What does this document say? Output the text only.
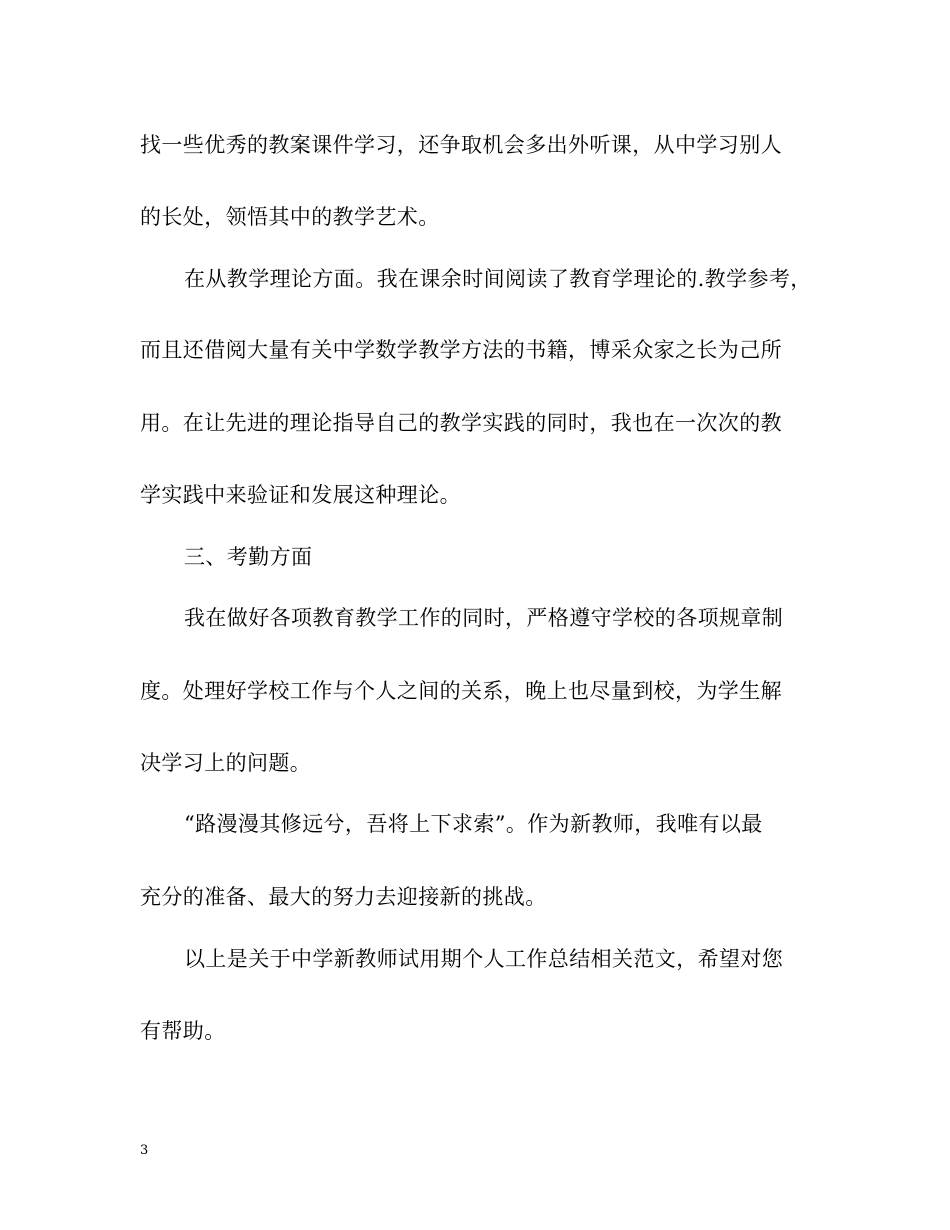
找一些优秀的教案课件学习，还争取机会多出外听课，从中学习别人
的长处，领悟其中的教学艺术。
在从教学理论方面。我在课余时间阅读了教育学理论的.教学参考，
而且还借阅大量有关中学数学教学方法的书籍，博采众家之长为己所
用。在让先进的理论指导自己的教学实践的同时，我也在一次次的教
学实践中来验证和发展这种理论。
三、考勤方面
我在做好各项教育教学工作的同时，严格遵守学校的各项规章制
度。处理好学校工作与个人之间的关系，晚上也尽量到校，为学生解
决学习上的问题。
“路漫漫其修远兮，吾将上下求索”。作为新教师，我唯有以最
充分的准备、最大的努力去迎接新的挑战。
以上是关于中学新教师试用期个人工作总结相关范文，希望对您
有帮助。
3
